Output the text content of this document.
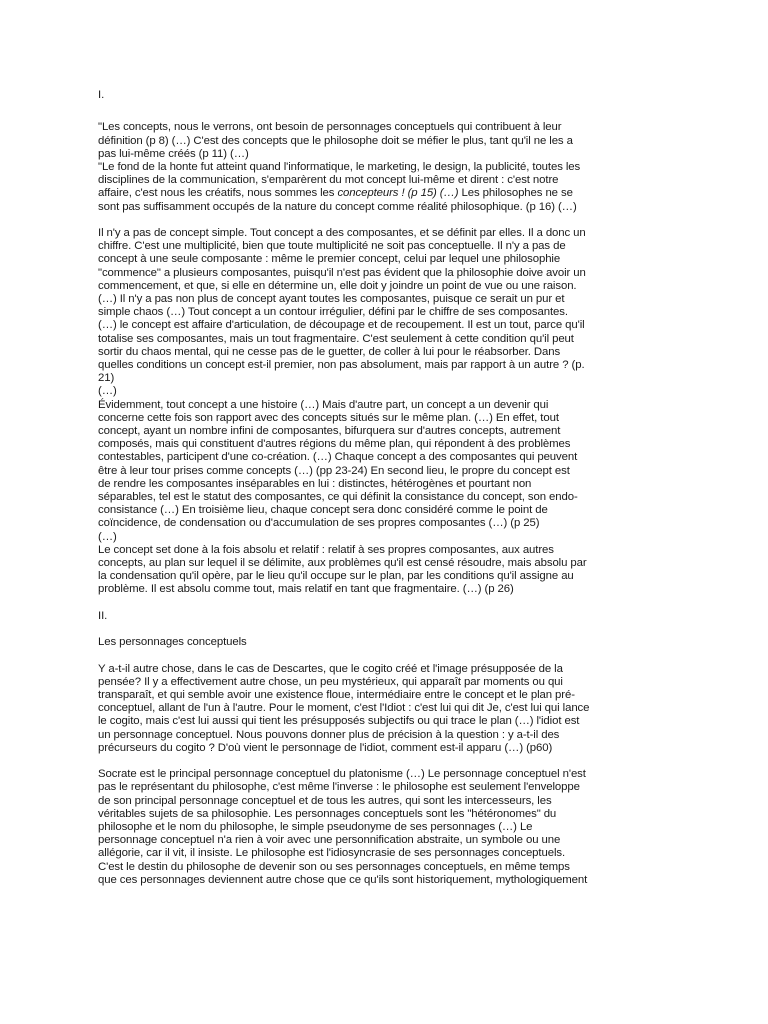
I.
"Les concepts, nous le verrons, ont besoin de personnages conceptuels qui contribuent à leur
définition (p 8) (…) C'est des concepts que le philosophe doit se méfier le plus, tant qu'il ne les a
pas lui-même créés (p 11) (…)
"Le fond de la honte fut atteint quand l'informatique, le marketing, le design, la publicité, toutes les
disciplines de la communication, s'emparèrent du mot concept lui-même et dirent : c'est notre
affaire, c'est nous les créatifs, nous sommes les concepteurs ! (p 15) (…) Les philosophes ne se
sont pas suffisamment occupés de la nature du concept comme réalité philosophique. (p 16) (…)
Il n'y a pas de concept simple. Tout concept a des composantes, et se définit par elles. Il a donc un
chiffre. C'est une multiplicité, bien que toute multiplicité ne soit pas conceptuelle. Il n'y a pas de
concept à une seule composante : même le premier concept, celui par lequel une philosophie
"commence" a plusieurs composantes, puisqu'il n'est pas évident que la philosophie doive avoir un
commencement, et que, si elle en détermine un, elle doit y joindre un point de vue ou une raison.
(…) Il n'y a pas non plus de concept ayant toutes les composantes, puisque ce serait un pur et
simple chaos (…) Tout concept a un contour irrégulier, défini par le chiffre de ses composantes.
(…) le concept est affaire d'articulation, de découpage et de recoupement. Il est un tout, parce qu'il
totalise ses composantes, mais un tout fragmentaire. C'est seulement à cette condition qu'il peut
sortir du chaos mental, qui ne cesse pas de le guetter, de coller à lui pour le réabsorber. Dans
quelles conditions un concept est-il premier, non pas absolument, mais par rapport à un autre ? (p.
21)
(…)
Évidemment, tout concept a une histoire (…) Mais d'autre part, un concept a un devenir qui
concerne cette fois son rapport avec des concepts situés sur le même plan. (…) En effet, tout
concept, ayant un nombre infini de composantes, bifurquera sur d'autres concepts, autrement
composés, mais qui constituent d'autres régions du même plan, qui répondent à des problèmes
contestables, participent d'une co-création. (…) Chaque concept a des composantes qui peuvent
être à leur tour prises comme concepts (…) (pp 23-24) En second lieu, le propre du concept est
de rendre les composantes inséparables en lui : distinctes, hétérogènes et pourtant non
séparables, tel est le statut des composantes, ce qui définit la consistance du concept, son endo-
consistance (…) En troisième lieu, chaque concept sera donc considéré comme le point de
coïncidence, de condensation ou d'accumulation de ses propres composantes (…) (p 25)
(…)
Le concept set done à la fois absolu et relatif : relatif à ses propres composantes, aux autres
concepts, au plan sur lequel il se délimite, aux problèmes qu'il est censé résoudre, mais absolu par
la condensation qu'il opère, par le lieu qu'il occupe sur le plan, par les conditions qu'il assigne au
problème. Il est absolu comme tout, mais relatif en tant que fragmentaire. (…) (p 26)
II.
Les personnages conceptuels
Y a-t-il autre chose, dans le cas de Descartes, que le cogito créé et l'image présupposée de la
pensée? Il y a effectivement autre chose, un peu mystérieux, qui apparaît par moments ou qui
transparaît, et qui semble avoir une existence floue, intermédiaire entre le concept et le plan pré-
conceptuel, allant de l'un à l'autre. Pour le moment, c'est l'Idiot : c'est lui qui dit Je, c'est lui qui lance
le cogito, mais c'est lui aussi qui tient les présupposés subjectifs ou qui trace le plan (…) l'idiot est
un personnage conceptuel. Nous pouvons donner plus de précision à la question : y a-t-il des
précurseurs du cogito ? D'où vient le personnage de l'idiot, comment est-il apparu (…) (p60)
Socrate est le principal personnage conceptuel du platonisme (…) Le personnage conceptuel n'est
pas le représentant du philosophe, c'est même l'inverse : le philosophe est seulement l'enveloppe
de son principal personnage conceptuel et de tous les autres, qui sont les intercesseurs, les
véritables sujets de sa philosophie. Les personnages conceptuels sont les "hétéronomes" du
philosophe et le nom du philosophe, le simple pseudonyme de ses personnages (…) Le
personnage conceptuel n'a rien à voir avec une personnification abstraite, un symbole ou une
allégorie, car il vit, il insiste. Le philosophe est l'idiosyncrasie de ses personnages conceptuels.
C'est le destin du philosophe de devenir son ou ses personnages conceptuels, en même temps
que ces personnages deviennent autre chose que ce qu'ils sont historiquement, mythologiquement
